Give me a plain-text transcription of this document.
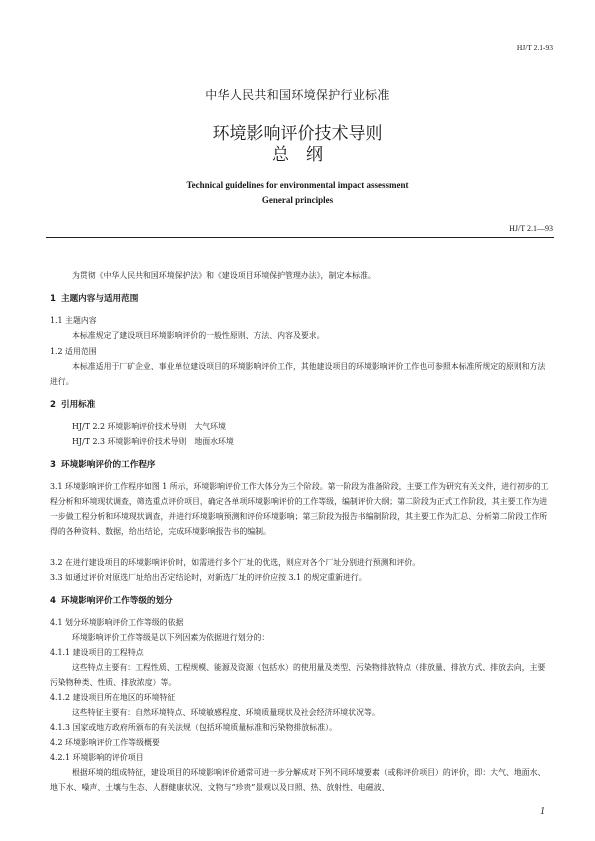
HJ/T 2.1-93
中华人民共和国环境保护行业标准
环境影响评价技术导则
总　纲
Technical guidelines for environmental impact assessment
General principles
HJ/T 2.1—93
为贯彻《中华人民共和国环境保护法》和《建设项目环境保护管理办法》，制定本标准。
1 主题内容与适用范围
1.1 主题内容
本标准规定了建设项目环境影响评价的一般性原则、方法、内容及要求。
1.2 适用范围
本标准适用于厂矿企业、事业单位建设项目的环境影响评价工作，其他建设项目的环境影响评价工作也可参照本标准所规定的原则和方法进行。
2 引用标准
HJ/T 2.2 环境影响评价技术导则　大气环境
HJ/T 2.3 环境影响评价技术导则　地面水环境
3 环境影响评价的工作程序
3.1 环境影响评价工作程序如图 1 所示，环境影响评价工作大体分为三个阶段。第一阶段为准备阶段，主要工作为研究有关文件，进行初步的工程分析和环境现状调查，筛选重点评价项目，确定各单项环境影响评价的工作等级，编制评价大纲；第二阶段为正式工作阶段，其主要工作为进一步做工程分析和环境现状调查，并进行环境影响预测和评价环境影响；第三阶段为报告书编制阶段，其主要工作为汇总、分析第二阶段工作所得的各种资料、数据，给出结论，完成环境影响报告书的编制。
3.2 在进行建设项目的环境影响评价时，如需进行多个厂址的优选，则应对各个厂址分别进行预测和评价。
3.3 如通过评价对原选厂址给出否定结论时，对新选厂址的评价应按 3.1 的规定重新进行。
4 环境影响评价工作等级的划分
4.1 划分环境影响评价工作等级的依据
环境影响评价工作等级是以下列因素为依据进行划分的：
4.1.1 建设项目的工程特点
这些特点主要有：工程性质、工程规模、能源及资源（包括水）的使用量及类型、污染物排放特点（排放量、排放方式、排放去向，主要污染物种类、性质、排放浓度）等。
4.1.2 建设项目所在地区的环境特征
这些特征主要有：自然环境特点、环境敏感程度、环境质量现状及社会经济环境状况等。
4.1.3 国家或地方政府所颁布的有关法规（包括环境质量标准和污染物排放标准）。
4.2 环境影响评价工作等级概要
4.2.1 环境影响的评价项目
根据环境的组成特征，建设项目的环境影响评价通常可进一步分解成对下列不同环境要素（或称评价项目）的评价，即：大气、地面水、地下水、噪声、土壤与生态、人群健康状况、文物与“珍贵”景观以及日照、热、放射性、电磁波、
1
